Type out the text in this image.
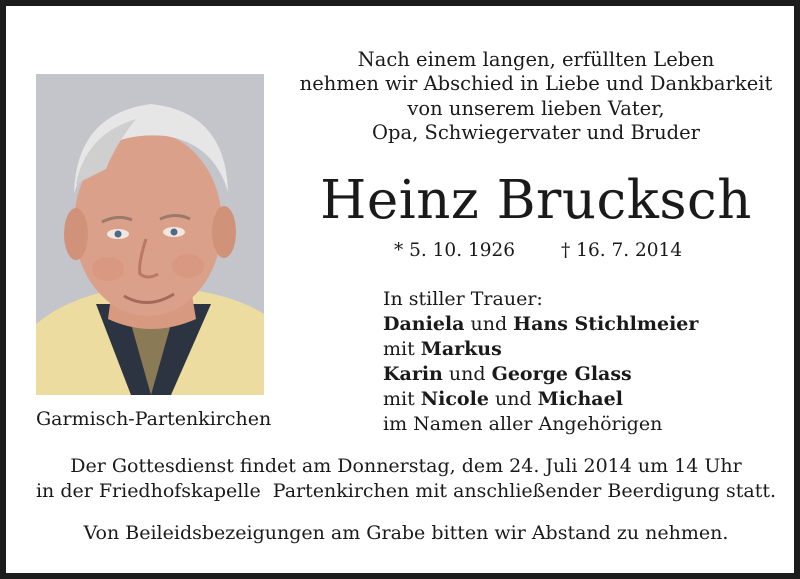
Garmisch-Partenkirchen
Nach einem langen, erfüllten Leben
nehmen wir Abschied in Liebe und Dankbarkeit
von unserem lieben Vater,
Opa, Schwiegervater und Bruder
Heinz Brucksch
* 5. 10. 1926 † 16. 7. 2014
In stiller Trauer:
Daniela und Hans Stichlmeier
mit Markus
Karin und George Glass
mit Nicole und Michael
im Namen aller Angehörigen
Der Gottesdienst findet am Donnerstag, dem 24. Juli 2014 um 14 Uhr
in der Friedhofskapelle  Partenkirchen mit anschließender Beerdigung statt.
Von Beileidsbezeigungen am Grabe bitten wir Abstand zu nehmen.
